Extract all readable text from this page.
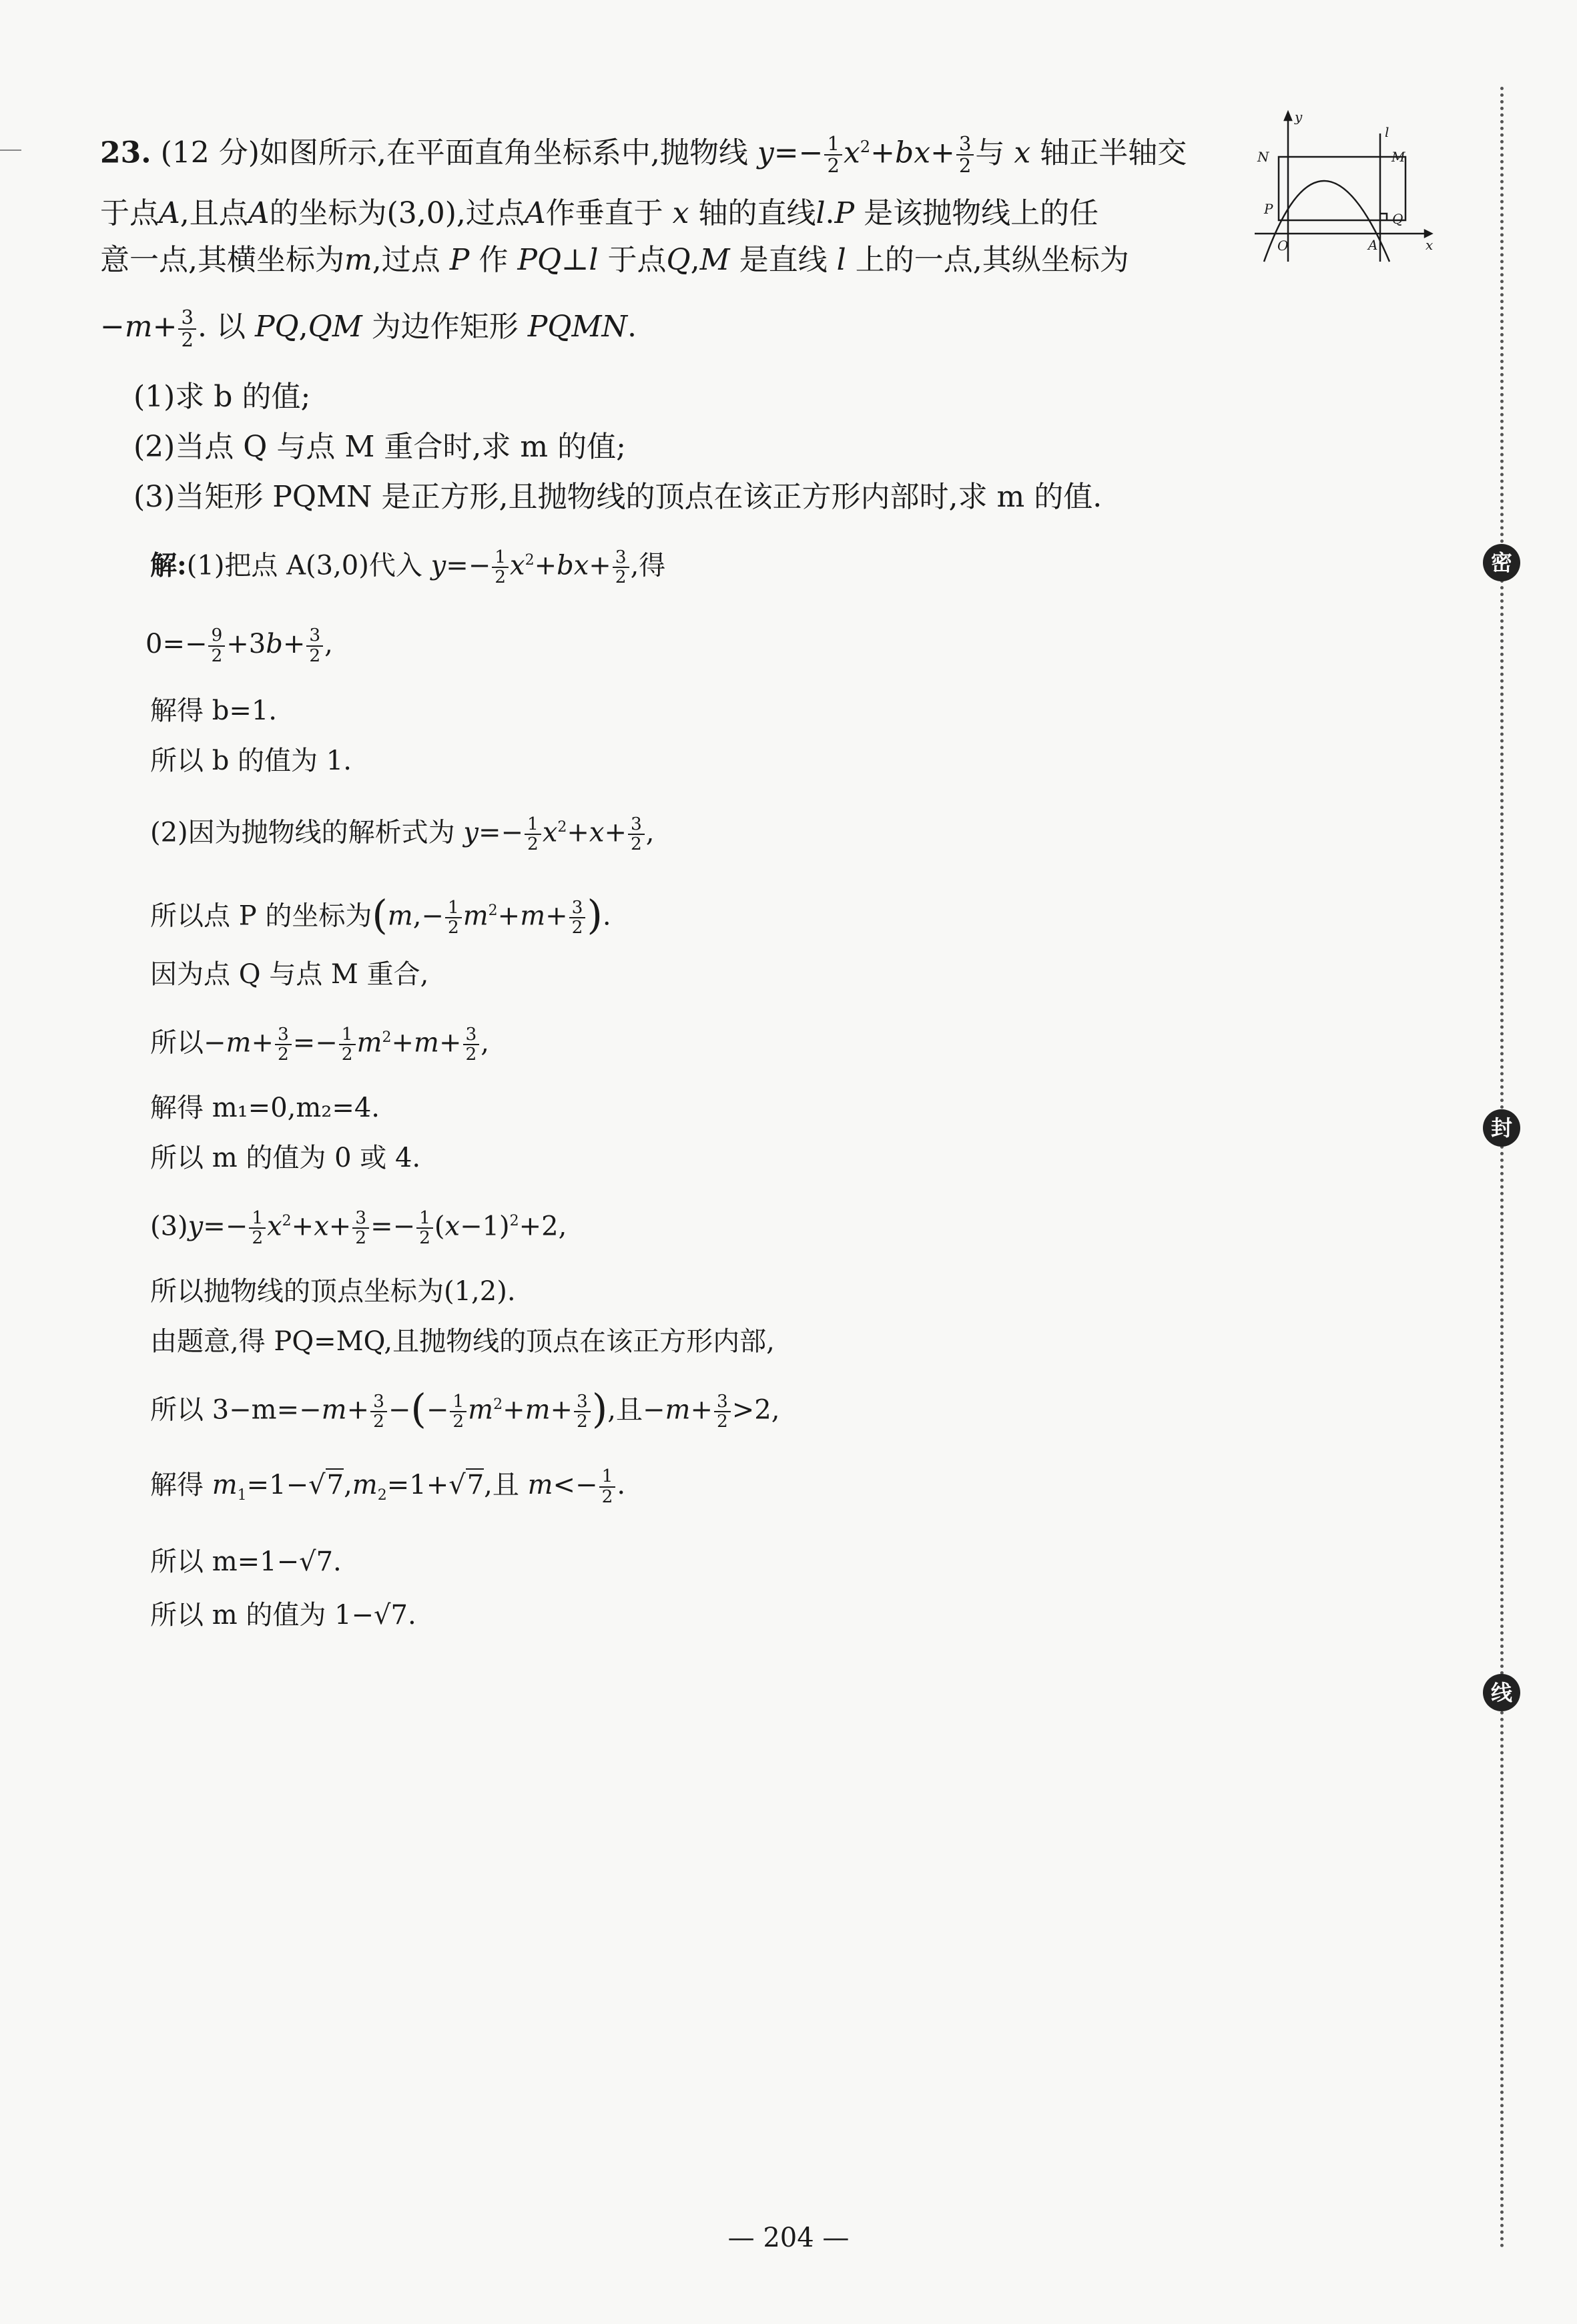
23. (12 分)如图所示,在平面直角坐标系中,抛物线 $y=- \frac{1}{2} x^2+bx+ \frac{3}{2}$ 与 x 轴正半轴交
于点A,且点A的坐标为(3,0),过点A作垂直于 x 轴的直线l.P 是该抛物线上的任
意一点,其横坐标为m,过点 P 作 PQ⊥l 于点Q,M 是直线 l 上的一点,其纵坐标为
$-m+ \frac{3}{2}$ . 以 PQ,QM 为边作矩形 PQMN.
(1)求 b 的值;
(2)当点 Q 与点 M 重合时,求 m 的值;
(3)当矩形 PQMN 是正方形,且抛物线的顶点在该正方形内部时,求 m 的值.
y
x
O	A
N	M
P
Q
l
解:(1)把点 A(3,0)代入 $y=- \frac{1}{2} x^2+bx+ \frac{3}{2}$ ,得
$0=- \frac{9}{2} +3b+ \frac{3}{2}$ ,
解得 b=1.
所以 b 的值为 1.
(2)因为抛物线的解析式为 $y=- \frac{1}{2} x^2+x+ \frac{3}{2}$ ,
所以点 P 的坐标为($m,- \frac{1}{2} m^2+m+ \frac{3}{2}$ ).
因为点 Q 与点 M 重合,
所以$-m+ \frac{3}{2} =- \frac{1}{2} m^2+m+ \frac{3}{2}$ ,
解得 m₁=0,m₂=4.
所以 m 的值为 0 或 4.
$(3)y=- \frac{1}{2} x^2+x+ \frac{3}{2} =- \frac{1}{2} (x-1)^2+2$,
所以抛物线的顶点坐标为(1,2).
由题意,得 PQ=MQ,且抛物线的顶点在该正方形内部,
所以 $3-m=-m+ \frac{3}{2}$ −(− $\frac{1}{2} m^2+m+ \frac{3}{2}$ ),且$-m+ \frac{3}{2} >2$,
解得 $m_1=1-√7,m_2=1+√7$,且 $m<- \frac{1}{2}$ .
所以 m=1−√7.
所以 m 的值为 1−√7.
密
封
线
— 204 —
